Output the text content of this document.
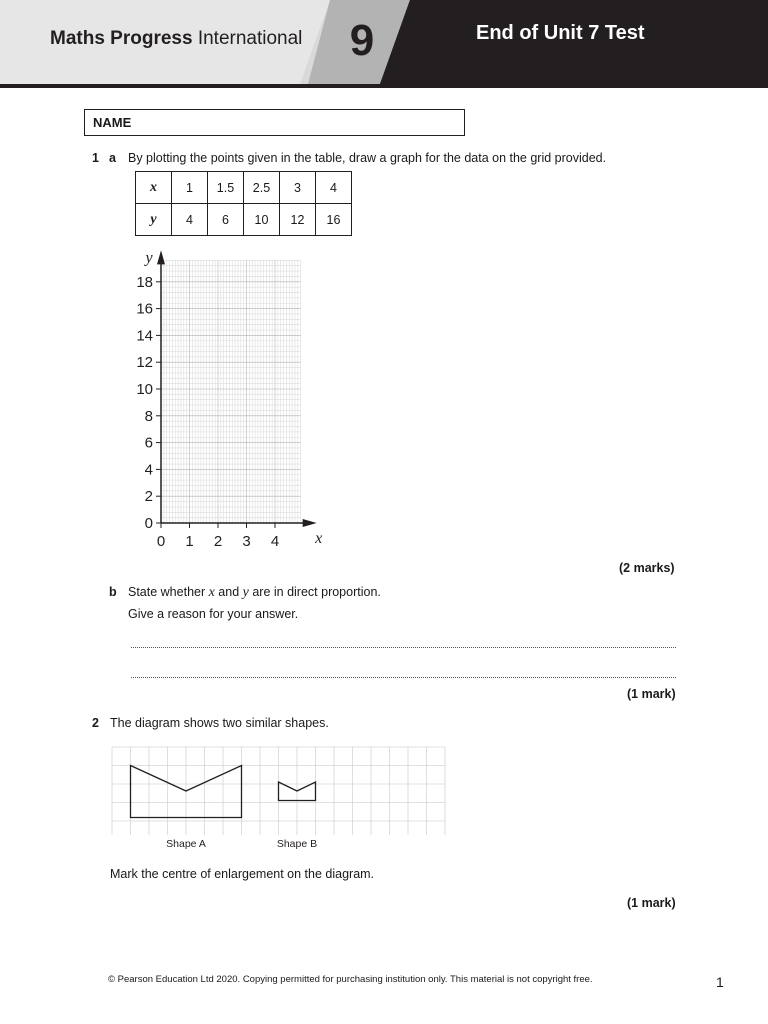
Maths Progress International 9	End of Unit 7 Test
NAME
1 a By plotting the points given in the table, draw a graph for the data on the grid provided.
x	1	1.5	2.5	3	4
y	4	6	10	12	16
0
2
4
6
8
10
12
14
16
18
0 1 2 3 4
y
x
(2 marks)
b State whether x and y are in direct proportion.
Give a reason for your answer.
(1 mark)
2 The diagram shows two similar shapes.
Shape A	Shape B
Mark the centre of enlargement on the diagram.
(1 mark)
© Pearson Education Ltd 2020. Copying permitted for purchasing institution only. This material is not copyright free.	1
